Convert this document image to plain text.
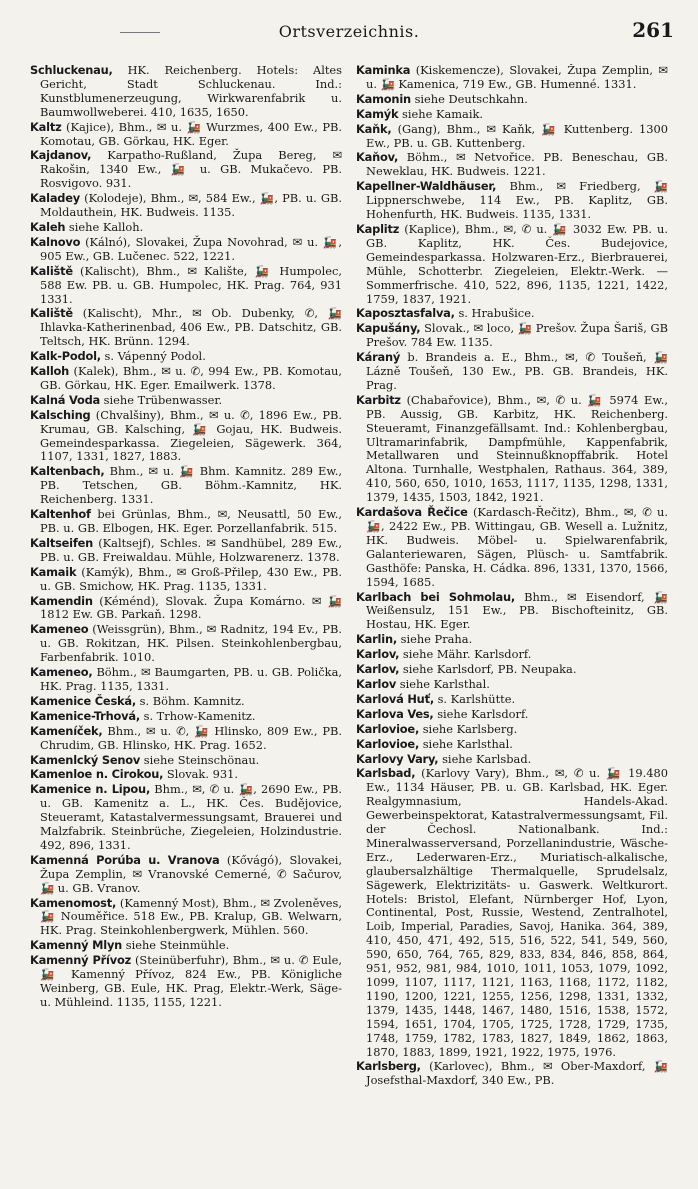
Ortsverzeichnis.	261
Schluckenau, HK. Reichenberg. Hotels: Altes Gericht, Stadt Schluckenau. Ind.: Kunstblumenerzeugung, Wirkwarenfabrik u. Baumwollweberei. 410, 1635, 1650.
Kaltz (Kajice), Bhm., ✉ u. 🚂 Wurzmes, 400 Ew., PB. Komotau, GB. Görkau, HK. Eger.
Kajdanov, Karpatho-Rußland, Župa Bereg, ✉ Rakošin, 1340 Ew., 🚂 u. GB. Mukačevo. PB. Rosvigovo. 931.
Kaladey (Kolodeje), Bhm., ✉, 584 Ew., 🚂, PB. u. GB. Moldauthein, HK. Budweis. 1135.
Kaleh siehe Kalloh.
Kalnovo (Kálnó), Slovakei, Župa Novohrad, ✉ u. 🚂, 905 Ew., GB. Lučenec. 522, 1221.
Kaliště (Kalischt), Bhm., ✉ Kalište, 🚂 Humpolec, 588 Ew. PB. u. GB. Humpolec, HK. Prag. 764, 931 1331.
Kaliště (Kalischt), Mhr., ✉ Ob. Dubenky, ✆, 🚂 Ihlavka-Katherinenbad, 406 Ew., PB. Datschitz, GB. Teltsch, HK. Brünn. 1294.
Kalk-Podol, s. Vápenný Podol.
Kalloh (Kalek), Bhm., ✉ u. ✆, 994 Ew., PB. Komotau, GB. Görkau, HK. Eger. Emailwerk. 1378.
Kalná Voda siehe Trübenwasser.
Kalsching (Chvalšiny), Bhm., ✉ u. ✆, 1896 Ew., PB. Krumau, GB. Kalsching, 🚂 Gojau, HK. Budweis. Gemeindesparkassa. Ziegeleien, Sägewerk. 364, 1107, 1331, 1827, 1883.
Kaltenbach, Bhm., ✉ u. 🚂 Bhm. Kamnitz. 289 Ew., PB. Tetschen, GB. Böhm.-Kamnitz, HK. Reichenberg. 1331.
Kaltenhof bei Grünlas, Bhm., ✉, Neusattl, 50 Ew., PB. u. GB. Elbogen, HK. Eger. Porzellanfabrik. 515.
Kaltseifen (Kaltsejf), Schles. ✉ Sandhübel, 289 Ew., PB. u. GB. Freiwaldau. Mühle, Holzwarenerz. 1378.
Kamaik (Kamýk), Bhm., ✉ Groß-Přilep, 430 Ew., PB. u. GB. Smichow, HK. Prag. 1135, 1331.
Kamendin (Kéménd), Slovak. Župa Komárno. ✉ 🚂 1812 Ew. GB. Parkaň. 1298.
Kameneo (Weissgrün), Bhm., ✉ Radnitz, 194 Ev., PB. u. GB. Rokitzan, HK. Pilsen. Steinkohlenbergbau, Farbenfabrik. 1010.
Kameneo, Böhm., ✉ Baumgarten, PB. u. GB. Polička, HK. Prag. 1135, 1331.
Kamenice Česká, s. Böhm. Kamnitz.
Kamenice-Trhová, s. Trhow-Kamenitz.
Kameníček, Bhm., ✉ u. ✆, 🚂 Hlinsko, 809 Ew., PB. Chrudim, GB. Hlinsko, HK. Prag. 1652.
Kamenlcký Senov siehe Steinschönau.
Kamenloe n. Cirokou, Slovak. 931.
Kamenice n. Lipou, Bhm., ✉, ✆ u. 🚂, 2690 Ew., PB. u. GB. Kamenitz a. L., HK. Čes. Budějovice, Steueramt, Katastalvermessungsamt, Brauerei und Malzfabrik. Steinbrüche, Ziegeleien, Holzindustrie. 492, 896, 1331.
Kamenná Porúba u. Vranova (Kővágó), Slovakei, Župa Zemplin, ✉ Vranovské Cemerné, ✆ Sačurov, 🚂 u. GB. Vranov.
Kamenomost, (Kamenný Most), Bhm., ✉ Zvoleněves, 🚂 Nouměřice. 518 Ew., PB. Kralup, GB. Welwarn, HK. Prag. Steinkohlenbergwerk, Mühlen. 560.
Kamenný Mlyn siehe Steinmühle.
Kamenný Přívoz (Steinüberfuhr), Bhm., ✉ u. ✆ Eule, 🚂 Kamenný Přívoz, 824 Ew., PB. Königliche Weinberg, GB. Eule, HK. Prag, Elektr.-Werk, Säge- u. Mühleind. 1135, 1155, 1221.
Kaminka (Kiskemencze), Slovakei, Župa Zemplin, ✉ u. 🚂 Kamenica, 719 Ew., GB. Humenné. 1331.
Kamonin siehe Deutschkahn.
Kamýk siehe Kamaik.
Kaňk, (Gang), Bhm., ✉ Kaňk, 🚂 Kuttenberg. 1300 Ew., PB. u. GB. Kuttenberg.
Kaňov, Böhm., ✉ Netvořice. PB. Beneschau, GB. Neweklau, HK. Budweis. 1221.
Kapellner-Waldhäuser, Bhm., ✉ Friedberg, 🚂 Lippnerschwebe, 114 Ew., PB. Kaplitz, GB. Hohenfurth, HK. Budweis. 1135, 1331.
Kaplitz (Kaplice), Bhm., ✉, ✆ u. 🚂 3032 Ew. PB. u. GB. Kaplitz, HK. Čes. Budejovice, Gemeindesparkassa. Holzwaren-Erz., Bierbrauerei, Mühle, Schotterbr. Ziegeleien, Elektr.-Werk. — Sommerfrische. 410, 522, 896, 1135, 1221, 1422, 1759, 1837, 1921.
Kaposztasfalva, s. Hrabušice.
Kapušány, Slovak., ✉ loco, 🚂 Prešov. Župa Šariš, GB Prešov. 784 Ew. 1135.
Káraný b. Brandeis a. E., Bhm., ✉, ✆ Toušeň, 🚂 Lázně Toušeň, 130 Ew., PB. GB. Brandeis, HK. Prag.
Karbitz (Chabařovice), Bhm., ✉, ✆ u. 🚂 5974 Ew., PB. Aussig, GB. Karbitz, HK. Reichenberg. Steueramt, Finanzgefällsamt. Ind.: Kohlenbergbau, Ultramarinfabrik, Dampfmühle, Kappenfabrik, Metallwaren und Steinnußknopffabrik. Hotel Altona. Turnhalle, Westphalen, Rathaus. 364, 389, 410, 560, 650, 1010, 1653, 1117, 1135, 1298, 1331, 1379, 1435, 1503, 1842, 1921.
Kardašova Řečice (Kardasch-Řečitz), Bhm., ✉, ✆ u. 🚂, 2422 Ew., PB. Wittingau, GB. Wesell a. Lužnitz, HK. Budweis. Möbel- u. Spielwarenfabrik, Galanteriewaren, Sägen, Plüsch- u. Samtfabrik. Gasthöfe: Panska, H. Cádka. 896, 1331, 1370, 1566, 1594, 1685.
Karlbach bei Sohmolau, Bhm., ✉ Eisendorf, 🚂 Weißensulz, 151 Ew., PB. Bischofteinitz, GB. Hostau, HK. Eger.
Karlin, siehe Praha.
Karlov, siehe Mähr. Karlsdorf.
Karlov, siehe Karlsdorf, PB. Neupaka.
Karlov siehe Karlsthal.
Karlová Huť, s. Karlshütte.
Karlova Ves, siehe Karlsdorf.
Karlovioe, siehe Karlsberg.
Karlovioe, siehe Karlsthal.
Karlovy Vary, siehe Karlsbad.
Karlsbad, (Karlovy Vary), Bhm., ✉, ✆ u. 🚂 19.480 Ew., 1134 Häuser, PB. u. GB. Karlsbad, HK. Eger. Realgymnasium, Handels-Akad. Gewerbeinspektorat, Katastralvermessungsamt, Fil. der Čechosl. Nationalbank. Ind.: Mineralwasserversand, Porzellanindustrie, Wäsche-Erz., Lederwaren-Erz., Muriatisch-alkalische, glaubersalzhältige Thermalquelle, Sprudelsalz, Sägewerk, Elektrizitäts- u. Gaswerk. Weltkurort. Hotels: Bristol, Elefant, Nürnberger Hof, Lyon, Continental, Post, Russie, Westend, Zentralhotel, Loib, Imperial, Paradies, Savoj, Hanika. 364, 389, 410, 450, 471, 492, 515, 516, 522, 541, 549, 560, 590, 650, 764, 765, 829, 833, 834, 846, 858, 864, 951, 952, 981, 984, 1010, 1011, 1053, 1079, 1092, 1099, 1107, 1117, 1121, 1163, 1168, 1172, 1182, 1190, 1200, 1221, 1255, 1256, 1298, 1331, 1332, 1379, 1435, 1448, 1467, 1480, 1516, 1538, 1572, 1594, 1651, 1704, 1705, 1725, 1728, 1729, 1735, 1748, 1759, 1782, 1783, 1827, 1849, 1862, 1863, 1870, 1883, 1899, 1921, 1922, 1975, 1976.
Karlsberg, (Karlovec), Bhm., ✉ Ober-Maxdorf, 🚂 Josefsthal-Maxdorf, 340 Ew., PB.
